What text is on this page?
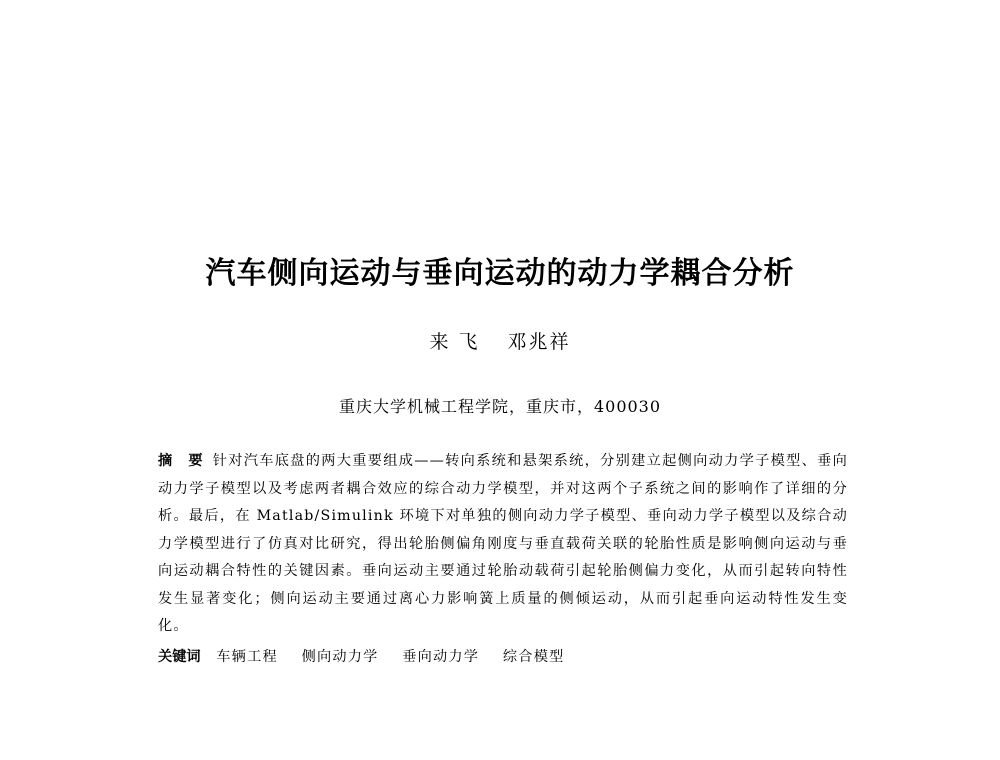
汽车侧向运动与垂向运动的动力学耦合分析
来 飞 邓兆祥
重庆大学机械工程学院，重庆市，400030
摘 要 针对汽车底盘的两大重要组成——转向系统和悬架系统，分别建立起侧向动力学子模型、垂向动力学子模型以及考虑两者耦合效应的综合动力学模型，并对这两个子系统之间的影响作了详细的分析。最后，在 Matlab/Simulink 环境下对单独的侧向动力学子模型、垂向动力学子模型以及综合动力学模型进行了仿真对比研究，得出轮胎侧偏角刚度与垂直载荷关联的轮胎性质是影响侧向运动与垂向运动耦合特性的关键因素。垂向运动主要通过轮胎动载荷引起轮胎侧偏力变化，从而引起转向特性发生显著变化；侧向运动主要通过离心力影响簧上质量的侧倾运动，从而引起垂向运动特性发生变化。
关键词 车辆工程 侧向动力学 垂向动力学 综合模型
